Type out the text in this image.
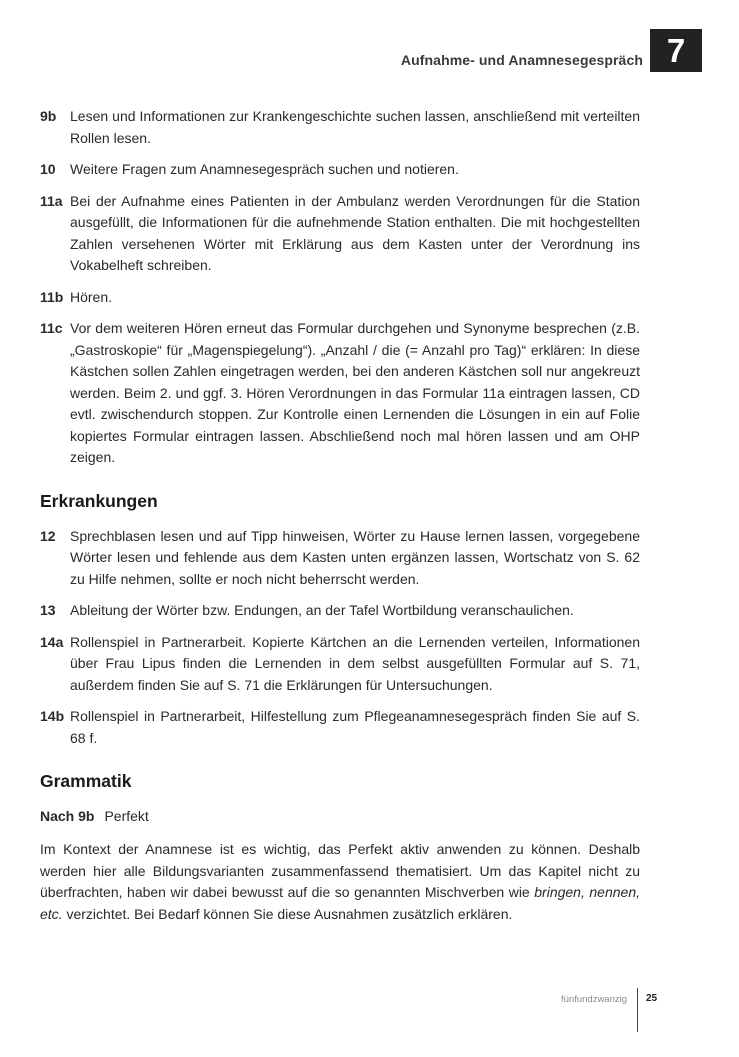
Aufnahme- und Anamnesegespräch 7
9b Lesen und Informationen zur Krankengeschichte suchen lassen, anschließend mit verteilten Rollen lesen.
10 Weitere Fragen zum Anamnesegespräch suchen und notieren.
11a Bei der Aufnahme eines Patienten in der Ambulanz werden Verordnungen für die Station ausgefüllt, die Informationen für die aufnehmende Station enthalten. Die mit hochgestellten Zahlen versehenen Wörter mit Erklärung aus dem Kasten unter der Verordnung ins Vokabelheft schreiben.
11b Hören.
11c Vor dem weiteren Hören erneut das Formular durchgehen und Synonyme besprechen (z.B. „Gastroskopie“ für „Magenspiegelung“). „Anzahl / die (= Anzahl pro Tag)“ erklären: In diese Kästchen sollen Zahlen eingetragen werden, bei den anderen Kästchen soll nur angekreuzt werden. Beim 2. und ggf. 3. Hören Verordnungen in das Formular 11a eintragen lassen, CD evtl. zwischendurch stoppen. Zur Kontrolle einen Lernenden die Lösungen in ein auf Folie kopiertes Formular eintragen lassen. Abschließend noch mal hören lassen und am OHP zeigen.
Erkrankungen
12 Sprechblasen lesen und auf Tipp hinweisen, Wörter zu Hause lernen lassen, vorgegebene Wörter lesen und fehlende aus dem Kasten unten ergänzen lassen, Wortschatz von S. 62 zu Hilfe nehmen, sollte er noch nicht beherrscht werden.
13 Ableitung der Wörter bzw. Endungen, an der Tafel Wortbildung veranschaulichen.
14a Rollenspiel in Partnerarbeit. Kopierte Kärtchen an die Lernenden verteilen, Informationen über Frau Lipus finden die Lernenden in dem selbst ausgefüllten Formular auf S. 71, außerdem finden Sie auf S. 71 die Erklärungen für Untersuchungen.
14b Rollenspiel in Partnerarbeit, Hilfestellung zum Pflegeanamnesegespräch finden Sie auf S. 68 f.
Grammatik
Nach 9b Perfekt
Im Kontext der Anamnese ist es wichtig, das Perfekt aktiv anwenden zu können. Deshalb werden hier alle Bildungsvarianten zusammenfassend thematisiert. Um das Kapitel nicht zu überfrachten, haben wir dabei bewusst auf die so genannten Mischverben wie bringen, nennen, etc. verzichtet. Bei Bedarf können Sie diese Ausnahmen zusätzlich erklären.
fünfundzwanzig 25
